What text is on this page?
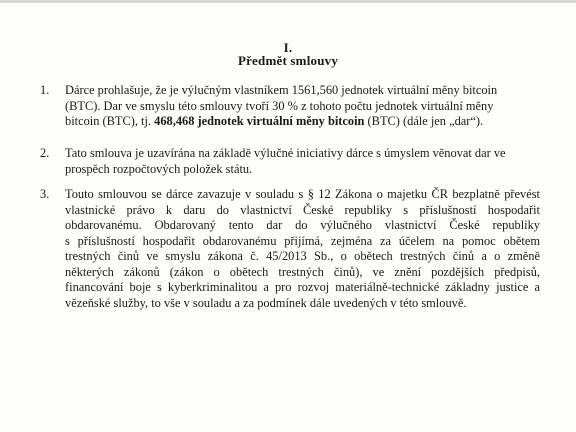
I.
Předmět smlouvy
1.	Dárce prohlašuje, že je výlučným vlastníkem 1561,560 jednotek virtuální měny bitcoin
(BTC). Dar ve smyslu této smlouvy tvoří 30 % z tohoto počtu jednotek virtuální měny
bitcoin (BTC), tj. 468,468 jednotek virtuální měny bitcoin (BTC) (dále jen „dar“).
2.	Tato smlouva je uzavírána na základě výlučné iniciativy dárce s úmyslem věnovat dar ve
prospěch rozpočtových položek státu.
3.	Touto smlouvou se dárce zavazuje v souladu s § 12 Zákona o majetku ČR bezplatně převést
vlastnické právo k daru do vlastnictví České republiky s příslušností hospodařit
obdarovanému. Obdarovaný tento dar do výlučného vlastnictví České republiky
s příslušností hospodařit obdarovanému přijímá, zejména za účelem na pomoc obětem
trestných činů ve smyslu zákona č. 45/2013 Sb., o obětech trestných činů a o změně
některých zákonů (zákon o obětech trestných činů), ve znění pozdějších předpisů,
financování boje s kyberkriminalitou a pro rozvoj materiálně-technické základny justice a
vězeňské služby, to vše v souladu a za podmínek dále uvedených v této smlouvě.
